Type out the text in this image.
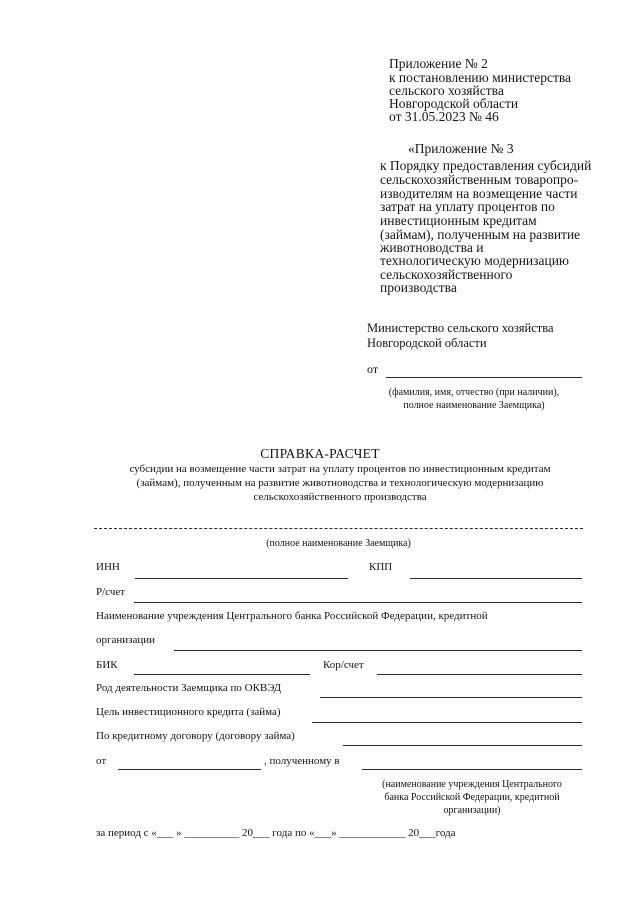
Приложение № 2
к постановлению министерства
сельского хозяйства
Новгородской области
от 31.05.2023 № 46
«Приложение № 3
к Порядку предоставления субсидий
сельскохозяйственным товаропро-
изводителям на возмещение части
затрат на уплату процентов по
инвестиционным кредитам
(займам), полученным на развитие
животноводства и
технологическую модернизацию
сельскохозяйственного
производства
Министерство сельского хозяйства
Новгородской области
от
(фамилия, имя, отчество (при наличии),
полное наименование Заемщика)
СПРАВКА-РАСЧЕТ
субсидии на возмещение части затрат на уплату процентов по инвестиционным кредитам
(займам), полученным на развитие животноводства и технологическую модернизацию
сельскохозяйственного производства
(полное наименование Заемщика)
ИНН	КПП
Р/счет
Наименование учреждения Центрального банка Российской Федерации, кредитной
организации
БИК	Кор/счет
Род деятельности Заемщика по ОКВЭД
Цель инвестиционного кредита (займа)
По кредитному договору (договору займа)
от	, полученному в
(наименование учреждения Центрального
банка Российской Федерации, кредитной
организации)
за период с «___ » __________ 20___ года по «___» ____________ 20___года
